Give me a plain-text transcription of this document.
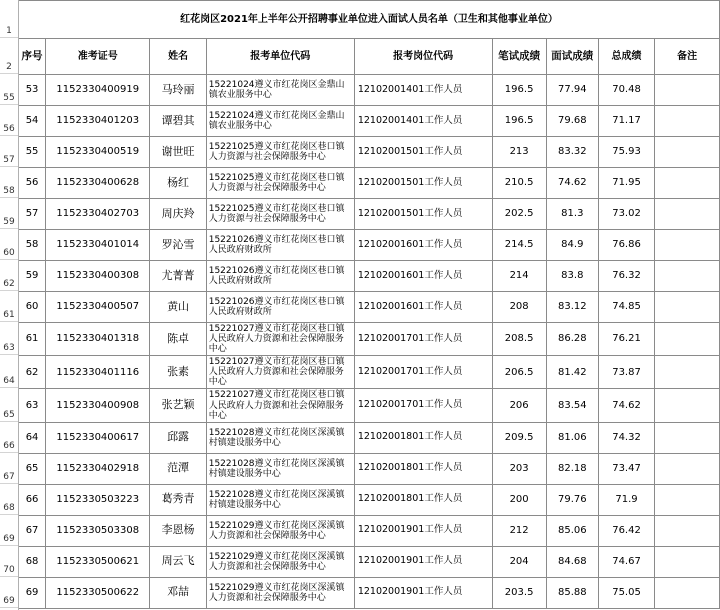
1
2
55
56
57
58
59
60
62
61
63
64
65
66
67
68
69
70
69
红花岗区2021年上半年公开招聘事业单位进入面试人员名单（卫生和其他事业单位）								
序号	准考证号	姓名	报考单位代码	报考岗位代码	笔试成绩	面试成绩	总成绩	备注
53	1152330400919	马玲丽	15221024遵义市红花岗区金鼎山镇农业服务中心	12102001401工作人员	196.5	77.94	70.48	
54	1152330401203	谭碧其	15221024遵义市红花岗区金鼎山镇农业服务中心	12102001401工作人员	196.5	79.68	71.17	
55	1152330400519	谢世旺	15221025遵义市红花岗区巷口镇人力资源与社会保障服务中心	12102001501工作人员	213	83.32	75.93	
56	1152330400628	杨红	15221025遵义市红花岗区巷口镇人力资源与社会保障服务中心	12102001501工作人员	210.5	74.62	71.95	
57	1152330402703	周庆羚	15221025遵义市红花岗区巷口镇人力资源与社会保障服务中心	12102001501工作人员	202.5	81.3	73.02	
58	1152330401014	罗沁雪	15221026遵义市红花岗区巷口镇人民政府财政所	12102001601工作人员	214.5	84.9	76.86	
59	1152330400308	尤菁菁	15221026遵义市红花岗区巷口镇人民政府财政所	12102001601工作人员	214	83.8	76.32	
60	1152330400507	黄山	15221026遵义市红花岗区巷口镇人民政府财政所	12102001601工作人员	208	83.12	74.85	
61	1152330401318	陈卓	15221027遵义市红花岗区巷口镇人民政府人力资源和社会保障服务中心	12102001701工作人员	208.5	86.28	76.21	
62	1152330401116	张素	15221027遵义市红花岗区巷口镇人民政府人力资源和社会保障服务中心	12102001701工作人员	206.5	81.42	73.87	
63	1152330400908	张艺颖	15221027遵义市红花岗区巷口镇人民政府人力资源和社会保障服务中心	12102001701工作人员	206	83.54	74.62	
64	1152330400617	邱露	15221028遵义市红花岗区深溪镇村镇建设服务中心	12102001801工作人员	209.5	81.06	74.32	
65	1152330402918	范潭	15221028遵义市红花岗区深溪镇村镇建设服务中心	12102001801工作人员	203	82.18	73.47	
66	1152330503223	葛秀青	15221028遵义市红花岗区深溪镇村镇建设服务中心	12102001801工作人员	200	79.76	71.9	
67	1152330503308	李恩杨	15221029遵义市红花岗区深溪镇人力资源和社会保障服务中心	12102001901工作人员	212	85.06	76.42	
68	1152330500621	周云飞	15221029遵义市红花岗区深溪镇人力资源和社会保障服务中心	12102001901工作人员	204	84.68	74.67	
69	1152330500622	邓喆	15221029遵义市红花岗区深溪镇人力资源和社会保障服务中心	12102001901工作人员	203.5	85.88	75.05	
